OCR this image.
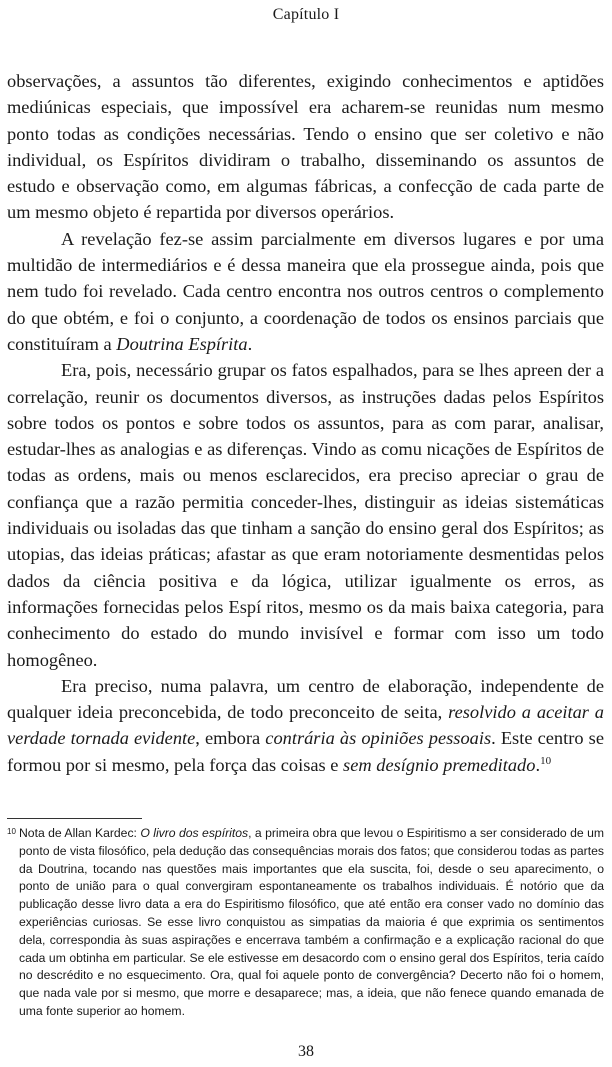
Capítulo I

observações, a assuntos tão diferentes, exigindo conhecimentos e aptidões mediúnicas especiais, que impossível era acharem-se reunidas num mesmo ponto todas as condições necessárias. Tendo o ensino que ser coletivo e não individual, os Espíritos dividiram o trabalho, disseminando os assuntos de estudo e observação como, em algumas fábricas, a confecção de cada parte de um mesmo objeto é repartida por diversos operários.

A revelação fez-se assim parcialmente em diversos lugares e por uma multidão de intermediários e é dessa maneira que ela prossegue ainda, pois que nem tudo foi revelado. Cada centro encontra nos outros centros o complemento do que obtém, e foi o conjunto, a coordenação de todos os ensinos parciais que constituíram a Doutrina Espírita.

Era, pois, necessário grupar os fatos espalhados, para se lhes apreen der a correlação, reunir os documentos diversos, as instruções dadas pelos Espíritos sobre todos os pontos e sobre todos os assuntos, para as com parar, analisar, estudar-lhes as analogias e as diferenças. Vindo as comu nicações de Espíritos de todas as ordens, mais ou menos esclarecidos, era preciso apreciar o grau de confiança que a razão permitia conceder-lhes, distinguir as ideias sistemáticas individuais ou isoladas das que tinham a sanção do ensino geral dos Espíritos; as utopias, das ideias práticas; afastar as que eram notoriamente desmentidas pelos dados da ciência positiva e da lógica, utilizar igualmente os erros, as informações fornecidas pelos Espí ritos, mesmo os da mais baixa categoria, para conhecimento do estado do mundo invisível e formar com isso um todo homogêneo.

Era preciso, numa palavra, um centro de elaboração, independente de qualquer ideia preconcebida, de todo preconceito de seita, resolvido a aceitar a verdade tornada evidente, embora contrária às opiniões pessoais. Este centro se formou por si mesmo, pela força das coisas e sem desígnio premeditado.$^{10}$

10 Nota de Allan Kardec: O livro dos espíritos, a primeira obra que levou o Espiritismo a ser considerado de um ponto de vista filosófico, pela dedução das consequências morais dos fatos; que considerou todas as partes da Doutrina, tocando nas questões mais importantes que ela suscita, foi, desde o seu aparecimento, o ponto de união para o qual convergiram espontaneamente os trabalhos individuais. É notório que da publicação desse livro data a era do Espiritismo filosófico, que até então era conser vado no domínio das experiências curiosas. Se esse livro conquistou as simpatias da maioria é que exprimia os sentimentos dela, correspondia às suas aspirações e encerrava também a confirmação e a explicação racional do que cada um obtinha em particular. Se ele estivesse em desacordo com o ensino geral dos Espíritos, teria caído no descrédito e no esquecimento. Ora, qual foi aquele ponto de convergência? Decerto não foi o homem, que nada vale por si mesmo, que morre e desaparece; mas, a ideia, que não fenece quando emanada de uma fonte superior ao homem.
38
